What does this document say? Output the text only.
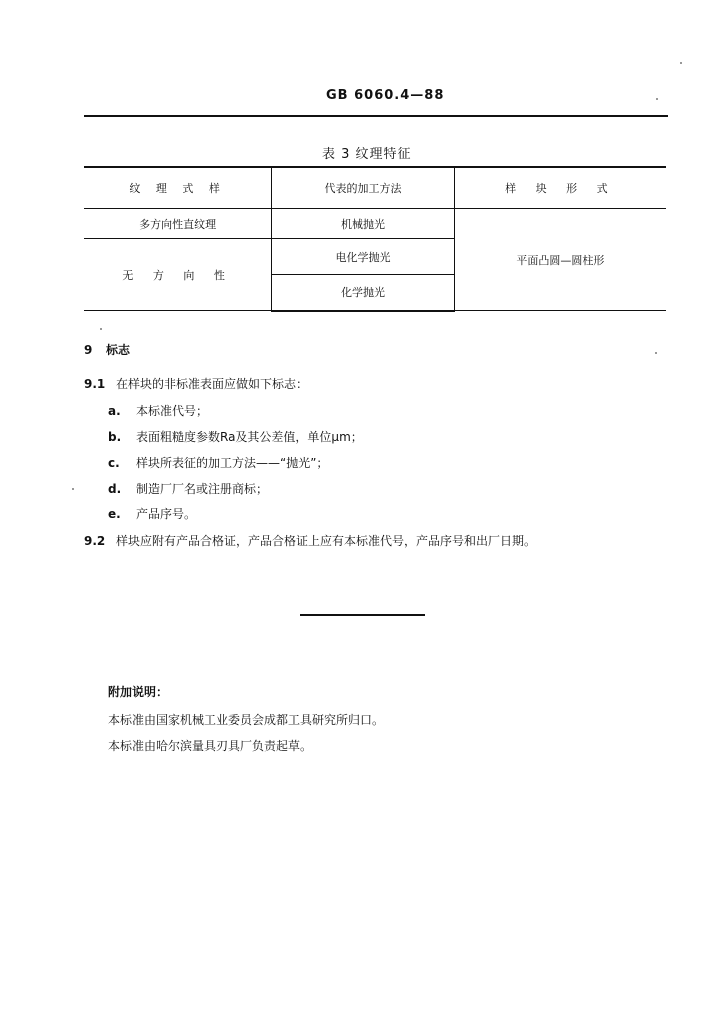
GB 6060.4—88
表 3 纹理特征
纹 理 式 样	代表的加工方法	样 块 形 式
多方向性直纹理	机械抛光	平面凸圆—圆柱形
无 方 向 性	电化学抛光	
	化学抛光	
9 标志
9.1 在样块的非标准表面应做如下标志：
a. 本标准代号；
b. 表面粗糙度参数Ra及其公差值，单位μm；
c. 样块所表征的加工方法——“抛光”；
d. 制造厂厂名或注册商标；
e. 产品序号。
9.2 样块应附有产品合格证，产品合格证上应有本标准代号，产品序号和出厂日期。
附加说明：
本标准由国家机械工业委员会成都工具研究所归口。
本标准由哈尔滨量具刃具厂负责起草。
